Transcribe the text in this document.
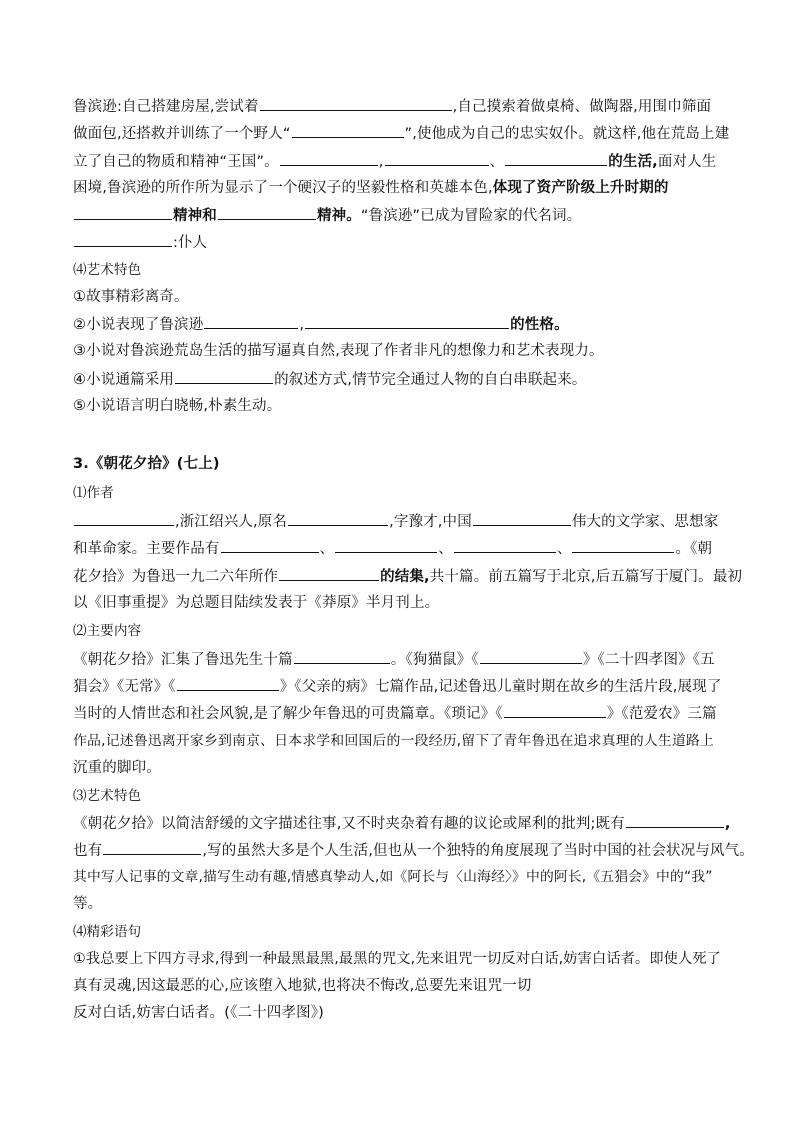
鲁滨逊:自己搭建房屋,尝试着	,自己摸索着做桌椅、做陶器,用围巾筛面
做面包,还搭救并训练了一个野人“	”,使他成为自己的忠实奴仆。就这样,他在荒岛上建
立了自己的物质和精神“王国”。	,	、	的生活,面对人生
困境,鲁滨逊的所作所为显示了一个硬汉子的坚毅性格和英雄本色,体现了资产阶级上升时期的
精神和	精神。“鲁滨逊”已成为冒险家的代名词。
:仆人
⑷艺术特色
①故事精彩离奇。
②小说表现了鲁滨逊	,	的性格。
③小说对鲁滨逊荒岛生活的描写逼真自然,表现了作者非凡的想像力和艺术表现力。
④小说通篇采用	的叙述方式,情节完全通过人物的自白串联起来。
⑤小说语言明白晓畅,朴素生动。
3.《朝花夕拾》(七上)
⑴作者
,浙江绍兴人,原名	,字豫才,中国	伟大的文学家、思想家
和革命家。主要作品有	、	、	、	。《朝
花夕拾》为鲁迅一九二六年所作	的结集,共十篇。前五篇写于北京,后五篇写于厦门。最初
以《旧事重提》为总题目陆续发表于《莽原》半月刊上。
⑵主要内容
《朝花夕拾》汇集了鲁迅先生十篇	。《狗猫鼠》《	》《二十四孝图》《五
猖会》《无常》《	》《父亲的病》七篇作品,记述鲁迅儿童时期在故乡的生活片段,展现了
当时的人情世态和社会风貌,是了解少年鲁迅的可贵篇章。《琐记》《	》《范爱农》三篇
作品,记述鲁迅离开家乡到南京、日本求学和回国后的一段经历,留下了青年鲁迅在追求真理的人生道路上
沉重的脚印。
⑶艺术特色
《朝花夕拾》以简洁舒缓的文字描述往事,又不时夹杂着有趣的议论或犀利的批判;既有	,
也有	,写的虽然大多是个人生活,但也从一个独特的角度展现了当时中国的社会状况与风气。
其中写人记事的文章,描写生动有趣,情感真挚动人,如《阿长与〈山海经〉》中的阿长,《五猖会》中的“我”
等。
⑷精彩语句
①我总要上下四方寻求,得到一种最黑最黑,最黑的咒文,先来诅咒一切反对白话,妨害白话者。即使人死了
真有灵魂,因这最恶的心,应该堕入地狱,也将决不悔改,总要先来诅咒一切
反对白话,妨害白话者。(《二十四孝图》)
